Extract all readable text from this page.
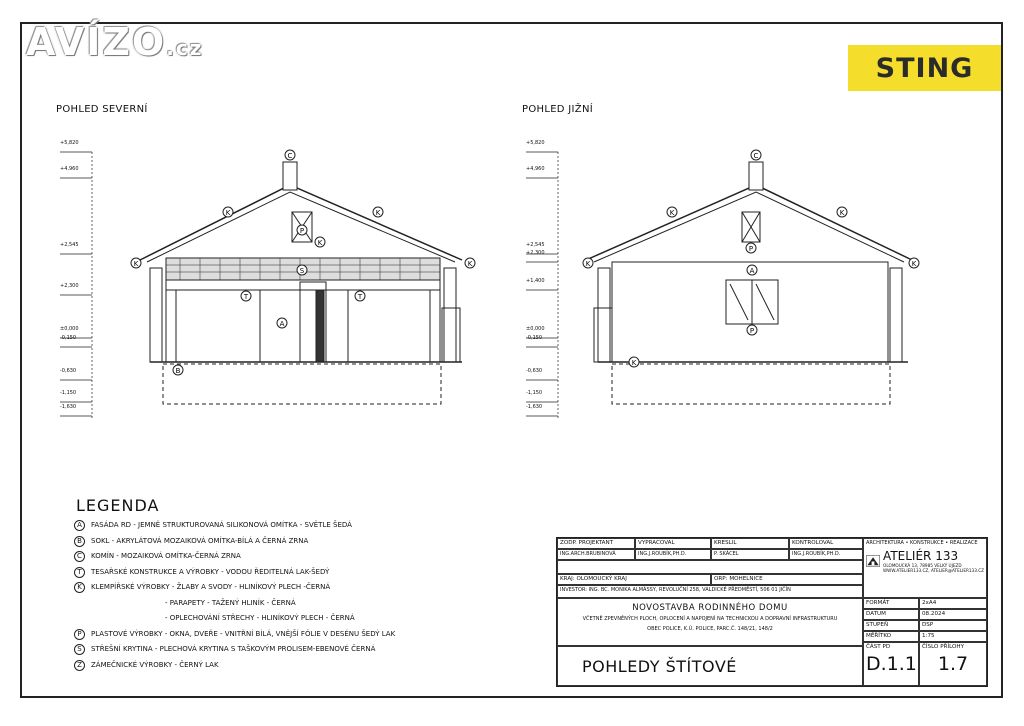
AVÍZO.cz
STING
POHLED SEVERNÍ	POHLED JIŽNÍ
C
K	K
P
K
K
S
T
A
T
K
B
C
K	K
P
A
K
P
K
K
+5,820
+4,960
+2,545
+2,300
±0,000
-0,150
-0,630
-1,150
-1,630
+5,820
+4,960
+2,545
+2,300
+1,400
±0,000
-0,150
-0,630
-1,150
-1,630
LEGENDA
A	FASÁDA RD - JEMNĚ STRUKTUROVANÁ SILIKONOVÁ OMÍTKA - SVĚTLE ŠEDÁ
B	SOKL - AKRYLÁTOVÁ MOZAIKOVÁ OMÍTKA-BÍLÁ A ČERNÁ ZRNA
C	KOMÍN - MOZAIKOVÁ OMÍTKA-ČERNÁ ZRNA
T	TESAŘSKÉ KONSTRUKCE A VÝROBKY - VODOU ŘEDITELNÁ LAK-ŠEDÝ
K	KLEMPÍŘSKÉ VÝROBKY - ŽLABY A SVODY - HLINÍKOVÝ PLECH -ČERNÁ
- PARAPETY - TAŽENÝ HLINÍK - ČERNÁ
- OPLECHOVÁNÍ STŘECHY - HLINÍKOVÝ PLECH - ČERNÁ
P	PLASTOVÉ VÝROBKY - OKNA, DVEŘE - VNITŘNÍ BÍLÁ, VNĚJŠÍ FÓLIE V DESÉNU ŠEDÝ LAK
S	STŘEŠNÍ KRYTINA - PLECHOVÁ KRYTINA S TAŠKOVÝM PROLISEM-EBENOVÉ ČERNÁ
Z	ZÁMEČNICKÉ VÝROBKY - ČERNÝ LAK
ZODP. PROJEKTANT	VYPRACOVAL	KRESLIL	KONTROLOVAL
ING.ARCH.BRUBINOVÁ	ING.J.ROUBÍK,PH.D.	P. SKÁCEL	ING.J.ROUBÍK,PH.D.
KRAJ: OLOMOUCKÝ KRAJ	ORP: MOHELNICE
INVESTOR: ING. BC. MONIKA ALMÁSSY, REVOLUČNÍ 258, VALDICKÉ PŘEDMĚSTÍ, 506 01 JIČÍN
NOVOSTAVBA RODINNÉHO DOMU
VČETNĚ ZPEVNĚNÝCH PLOCH, OPLOCENÍ A NAPOJENÍ NA TECHNICKOU A DOPRAVNÍ INFRASTRUKTURU
OBEC POLICE, K.Ú. POLICE, PARC.Č. 148/21, 148/2
POHLEDY ŠTÍTOVÉ
ARCHITEKTURA • KONSTRUKCE • REALIZACE
ATELIÉR 133
OLOMOUCKÁ 13, 78985 VELKÝ ÚJEZD
WWW.ATELIER133.CZ, ATELIER@ATELIER133.CZ
FORMÁT	2xA4
DATUM	08.2024
STUPEŇ	DSP
MĚŘÍTKO	1:75
ČÁST PD
D.1.1
ČÍSLO PŘÍLOHY
1.7
